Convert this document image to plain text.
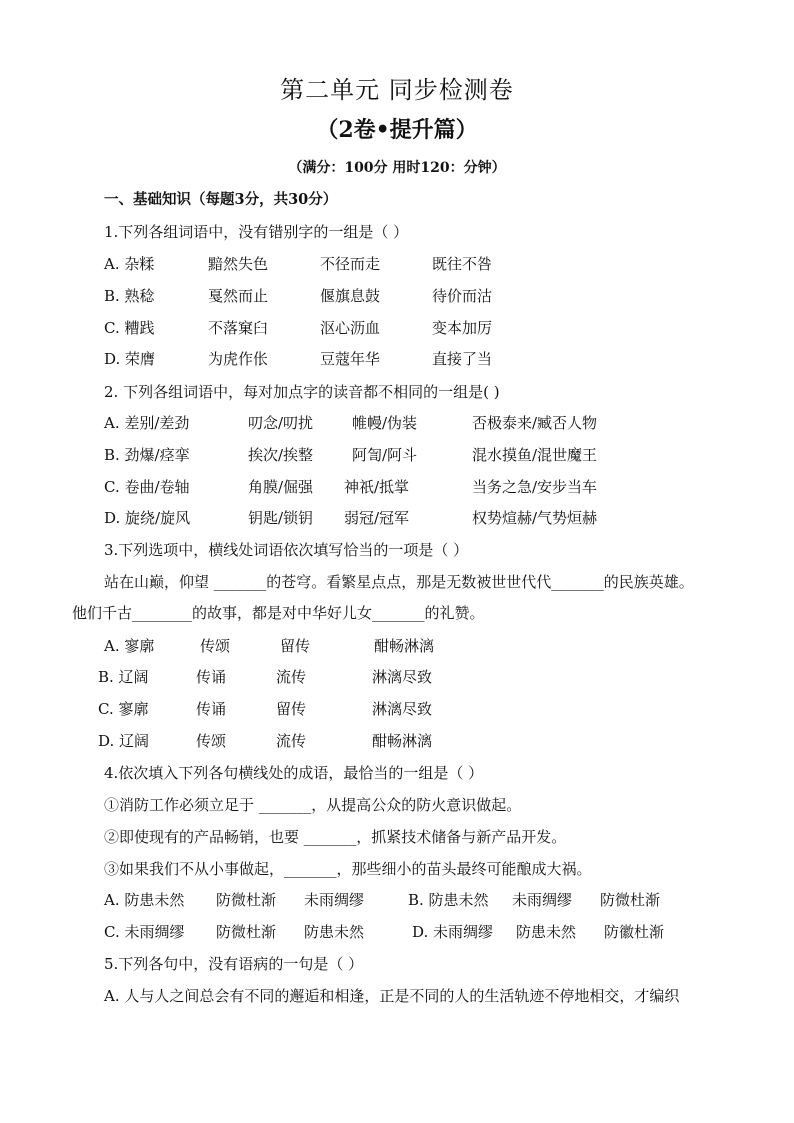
第二单元 同步检测卷
（2卷•提升篇）
（满分：100分 用时120：分钟）
一、基础知识（每题3分，共30分）
1.下列各组词语中，没有错别字的一组是（ ）
A. 杂糅	黯然失色	不径而走	既往不咎
B. 熟稔	戛然而止	偃旗息鼓	待价而沽
C. 糟践	不落窠臼	沤心沥血	变本加厉
D. 荣膺	为虎作伥	豆蔻年华	直接了当
2. 下列各组词语中，每对加点字的读音都不相同的一组是( )
A. 差别/差劲	叨念/叨扰	帷幔/伪装	否极泰来/臧否人物
B. 劲爆/痉挛	挨次/挨整	阿訇/阿斗	混水摸鱼/混世魔王
C. 卷曲/卷轴	角膜/倔强 神祇/抵掌	当务之急/安步当车
D. 旋绕/旋风	钥匙/锁钥 弱冠/冠军	权势煊赫/气势烜赫
3.下列选项中，横线处词语依次填写恰当的一项是（ ）
站在山巅，仰望 _______的苍穹。看繁星点点，那是无数被世世代代_______的民族英雄。
他们千古________的故事，都是对中华好儿女_______的礼赞。
A. 寥廓	传颂	留传	酣畅淋漓
B. 辽阔	传诵	流传	淋漓尽致
C. 寥廓	传诵	留传	淋漓尽致
D. 辽阔	传颂	流传	酣畅淋漓
4.依次填入下列各句横线处的成语，最恰当的一组是（ ）
①消防工作必须立足于 _______，从提高公众的防火意识做起。
②即使现有的产品畅销，也要 _______，抓紧技术储备与新产品开发。
③如果我们不从小事做起，_______，那些细小的苗头最终可能酿成大祸。
A. 防患未然 防微杜渐 未雨绸缪	B. 防患未然 未雨绸缪 防微杜渐
C. 未雨绸缪 防微杜渐 防患未然	D. 未雨绸缪 防患未然 防徽杜渐
5.下列各句中，没有语病的一句是（ ）
A. 人与人之间总会有不同的邂逅和相逢，正是不同的人的生活轨迹不停地相交，才编织
